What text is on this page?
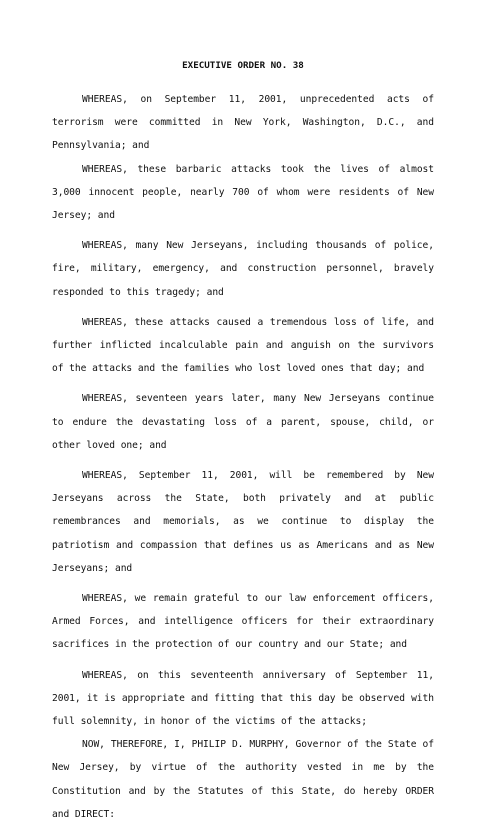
EXECUTIVE ORDER NO. 38

WHEREAS, on September 11, 2001, unprecedented acts of terrorism were committed in New York, Washington, D.C., and Pennsylvania; and

WHEREAS, these barbaric attacks took the lives of almost 3,000 innocent people, nearly 700 of whom were residents of New Jersey; and

WHEREAS, many New Jerseyans, including thousands of police, fire, military, emergency, and construction personnel, bravely responded to this tragedy; and

WHEREAS, these attacks caused a tremendous loss of life, and further inflicted incalculable pain and anguish on the survivors of the attacks and the families who lost loved ones that day; and

WHEREAS, seventeen years later, many New Jerseyans continue to endure the devastating loss of a parent, spouse, child, or other loved one; and

WHEREAS, September 11, 2001, will be remembered by New Jerseyans across the State, both privately and at public remembrances and memorials, as we continue to display the patriotism and compassion that defines us as Americans and as New Jerseyans; and

WHEREAS, we remain grateful to our law enforcement officers, Armed Forces, and intelligence officers for their extraordinary sacrifices in the protection of our country and our State; and

WHEREAS, on this seventeenth anniversary of September 11, 2001, it is appropriate and fitting that this day be observed with full solemnity, in honor of the victims of the attacks;

NOW, THEREFORE, I, PHILIP D. MURPHY, Governor of the State of New Jersey, by virtue of the authority vested in me by the Constitution and by the Statutes of this State, do hereby ORDER and DIRECT:
